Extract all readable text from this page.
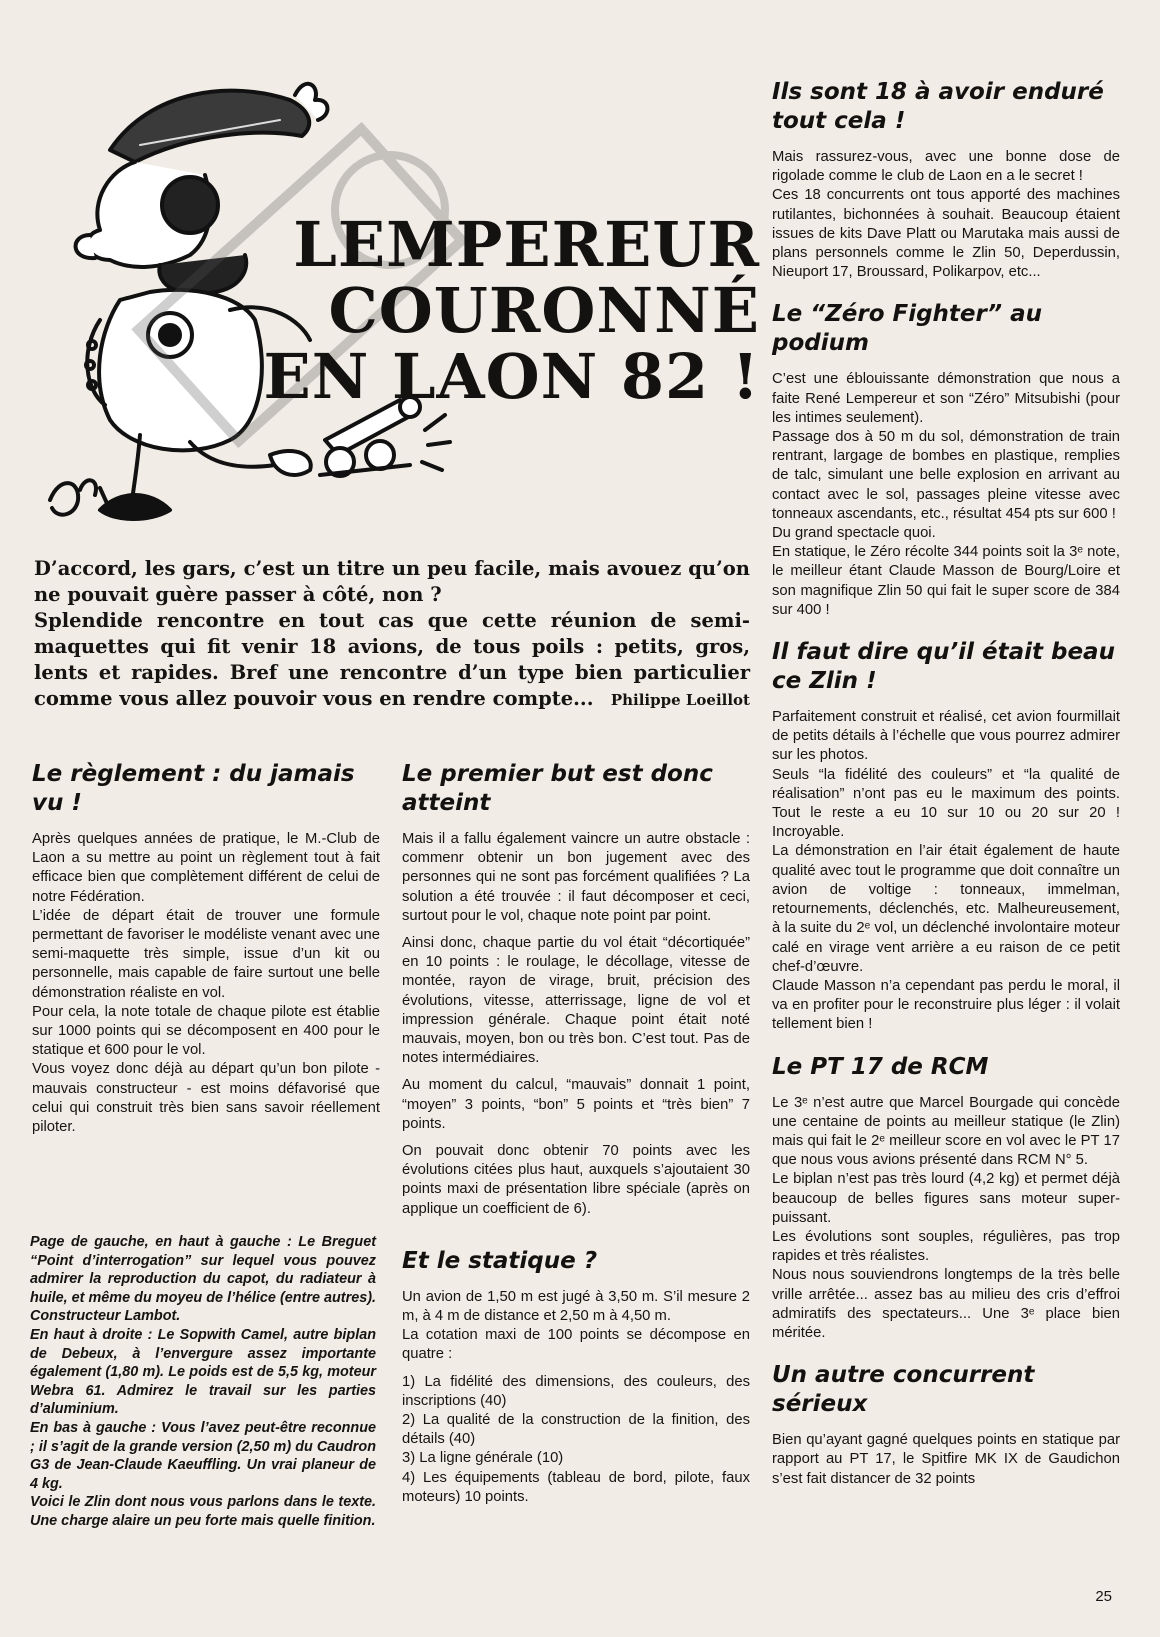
LEMPEREUR
COURONNÉ
EN LAON 82 !

D’accord, les gars, c’est un titre un peu facile, mais avouez qu’on ne pouvait guère passer à côté, non ?

Splendide rencontre en tout cas que cette réunion de semi-maquettes qui fit venir 18 avions, de tous poils : petits, gros, lents et rapides. Bref une rencontre d’un type bien particulier comme vous allez pouvoir vous en rendre compte...	Philippe Loeillot
Le règlement : du jamais vu !

Après quelques années de pratique, le M.-Club de Laon a su mettre au point un règlement tout à fait efficace bien que complètement différent de celui de notre Fédération.

L’idée de départ était de trouver une formule permettant de favoriser le modéliste venant avec une semi-maquette très simple, issue d’un kit ou personnelle, mais capable de faire surtout une belle démonstration réaliste en vol.

Pour cela, la note totale de chaque pilote est établie sur 1000 points qui se décomposent en 400 pour le statique et 600 pour le vol.

Vous voyez donc déjà au départ qu’un bon pilote - mauvais constructeur - est moins défavorisé que celui qui construit très bien sans savoir réellement piloter.

Page de gauche, en haut à gauche : Le Breguet “Point d’interrogation” sur lequel vous pouvez admirer la reproduction du capot, du radiateur à huile, et même du moyeu de l’hélice (entre autres). Constructeur Lambot.

En haut à droite : Le Sopwith Camel, autre biplan de Debeux, à l’envergure assez importante également (1,80 m). Le poids est de 5,5 kg, moteur Webra 61. Admirez le travail sur les parties d’aluminium.

En bas à gauche : Vous l’avez peut-être reconnue ; il s’agit de la grande version (2,50 m) du Caudron G3 de Jean-Claude Kaeuffling. Un vrai planeur de 4 kg.

Voici le Zlin dont nous vous parlons dans le texte. Une charge alaire un peu forte mais quelle finition.

Le premier but est donc atteint

Mais il a fallu également vaincre un autre obstacle : commenr obtenir un bon jugement avec des personnes qui ne sont pas forcément qualifiées ? La solution a été trouvée : il faut décomposer et ceci, surtout pour le vol, chaque note point par point.

Ainsi donc, chaque partie du vol était “décortiquée” en 10 points : le roulage, le décollage, vitesse de montée, rayon de virage, bruit, précision des évolutions, vitesse, atterrissage, ligne de vol et impression générale. Chaque point était noté mauvais, moyen, bon ou très bon. C’est tout. Pas de notes intermédiaires.

Au moment du calcul, “mauvais” donnait 1 point, “moyen” 3 points, “bon” 5 points et “très bien” 7 points.

On pouvait donc obtenir 70 points avec les évolutions citées plus haut, auxquels s’ajoutaient 30 points maxi de présentation libre spéciale (après on applique un coefficient de 6).

Et le statique ?

Un avion de 1,50 m est jugé à 3,50 m. S’il mesure 2 m, à 4 m de distance et 2,50 m à 4,50 m.

La cotation maxi de 100 points se décompose en quatre :

1) La fidélité des dimensions, des couleurs, des inscriptions (40)
2) La qualité de la construction de la finition, des détails (40)
3) La ligne générale (10)
4) Les équipements (tableau de bord, pilote, faux moteurs) 10 points.
Ils sont 18 à avoir enduré tout cela !

Mais rassurez-vous, avec une bonne dose de rigolade comme le club de Laon en a le secret !

Ces 18 concurrents ont tous apporté des machines rutilantes, bichonnées à souhait. Beaucoup étaient issues de kits Dave Platt ou Marutaka mais aussi de plans personnels comme le Zlin 50, Deperdussin, Nieuport 17, Broussard, Polikarpov, etc...

Le “Zéro Fighter” au podium

C’est une éblouissante démonstration que nous a faite René Lempereur et son “Zéro” Mitsubishi (pour les intimes seulement).

Passage dos à 50 m du sol, démonstration de train rentrant, largage de bombes en plastique, remplies de talc, simulant une belle explosion en arrivant au contact avec le sol, passages pleine vitesse avec tonneaux ascendants, etc., résultat 454 pts sur 600 !

Du grand spectacle quoi.

En statique, le Zéro récolte 344 points soit la 3ᵉ note, le meilleur étant Claude Masson de Bourg/Loire et son magnifique Zlin 50 qui fait le super score de 384 sur 400 !

Il faut dire qu’il était beau ce Zlin !

Parfaitement construit et réalisé, cet avion fourmillait de petits détails à l’échelle que vous pourrez admirer sur les photos.

Seuls “la fidélité des couleurs” et “la qualité de réalisation” n’ont pas eu le maximum des points. Tout le reste a eu 10 sur 10 ou 20 sur 20 ! Incroyable.

La démonstration en l’air était également de haute qualité avec tout le programme que doit connaître un avion de voltige : tonneaux, immelman, retournements, déclenchés, etc. Malheureusement, à la suite du 2ᵉ vol, un déclenché involontaire moteur calé en virage vent arrière a eu raison de ce petit chef-d’œuvre.

Claude Masson n’a cependant pas perdu le moral, il va en profiter pour le reconstruire plus léger : il volait tellement bien !

Le PT 17 de RCM

Le 3ᵉ n’est autre que Marcel Bourgade qui concède une centaine de points au meilleur statique (le Zlin) mais qui fait le 2ᵉ meilleur score en vol avec le PT 17 que nous vous avions présenté dans RCM N° 5.

Le biplan n’est pas très lourd (4,2 kg) et permet déjà beaucoup de belles figures sans moteur super-puissant.

Les évolutions sont souples, régulières, pas trop rapides et très réalistes.

Nous nous souviendrons longtemps de la très belle vrille arrêtée... assez bas au milieu des cris d’effroi admiratifs des spectateurs... Une 3ᵉ place bien méritée.

Un autre concurrent sérieux

Bien qu’ayant gagné quelques points en statique par rapport au PT 17, le Spitfire MK IX de Gaudichon s’est fait distancer de 32 points

25
